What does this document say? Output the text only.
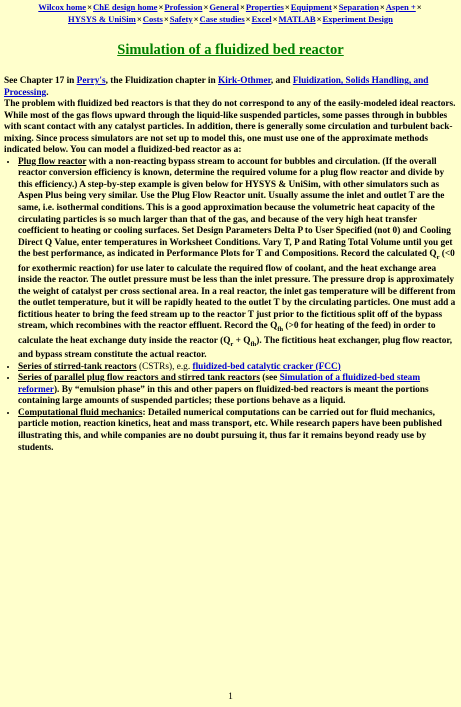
Wilcox home×ChE design home×Profession×General×Properties×Equipment×Separation×Aspen +×
HYSYS & UniSim×Costs×Safety×Case studies×Excel×MATLAB×Experiment Design
Simulation of a fluidized bed reactor

See Chapter 17 in Perry's, the Fluidization chapter in Kirk-Othmer, and Fluidization, Solids Handling, and Processing.
The problem with fluidized bed reactors is that they do not correspond to any of the easily-modeled ideal reactors. While most of the gas flows upward through the liquid-like suspended particles, some passes through in bubbles with scant contact with any catalyst particles. In addition, there is generally some circulation and turbulent back-mixing. Since process simulators are not set up to model this, one must use one of the approximate methods indicated below. You can model a fluidized-bed reactor as a:

• Plug flow reactor with a non-reacting bypass stream to account for bubbles and circulation. (If the overall reactor conversion efficiency is known, determine the required volume for a plug flow reactor and divide by this efficiency.) A step-by-step example is given below for HYSYS & UniSim, with other simulators such as Aspen Plus being very similar. Use the Plug Flow Reactor unit. Usually assume the inlet and outlet T are the same, i.e. isothermal conditions. This is a good approximation because the volumetric heat capacity of the circulating particles is so much larger than that of the gas, and because of the very high heat transfer coefficient to heating or cooling surfaces. Set Design Parameters Delta P to User Specified (not 0) and Cooling Direct Q Value, enter temperatures in Worksheet Conditions. Vary T, P and Rating Total Volume until you get the best performance, as indicated in Performance Plots for T and Compositions. Record the calculated $Q_r$ (<0 for exothermic reaction) for use later to calculate the required flow of coolant, and the heat exchange area inside the reactor. The outlet pressure must be less than the inlet pressure. The pressure drop is approximately the weight of catalyst per cross sectional area. In a real reactor, the inlet gas temperature will be different from the outlet temperature, but it will be rapidly heated to the outlet T by the circulating particles. One must add a fictitious heater to bring the feed stream up to the reactor T just prior to the fictitious split off of the bypass stream, which recombines with the reactor effluent. Record the $Q_{fh}$ (>0 for heating of the feed) in order to calculate the heat exchange duty inside the reactor $(Q_r + Q_{fh})$. The fictitious heat exchanger, plug flow reactor, and bypass stream constitute the actual reactor.
• Series of stirred-tank reactors (CSTRs), e.g. fluidized-bed catalytic cracker (FCC)
• Series of parallel plug flow reactors and stirred tank reactors (see Simulation of a fluidized-bed steam reformer). By “emulsion phase” in this and other papers on fluidized-bed reactors is meant the portions containing large amounts of suspended particles; these portions behave as a liquid.
• Computational fluid mechanics: Detailed numerical computations can be carried out for fluid mechanics, particle motion, reaction kinetics, heat and mass transport, etc. While research papers have been published illustrating this, and while companies are no doubt pursuing it, thus far it remains beyond ready use by students.
1
